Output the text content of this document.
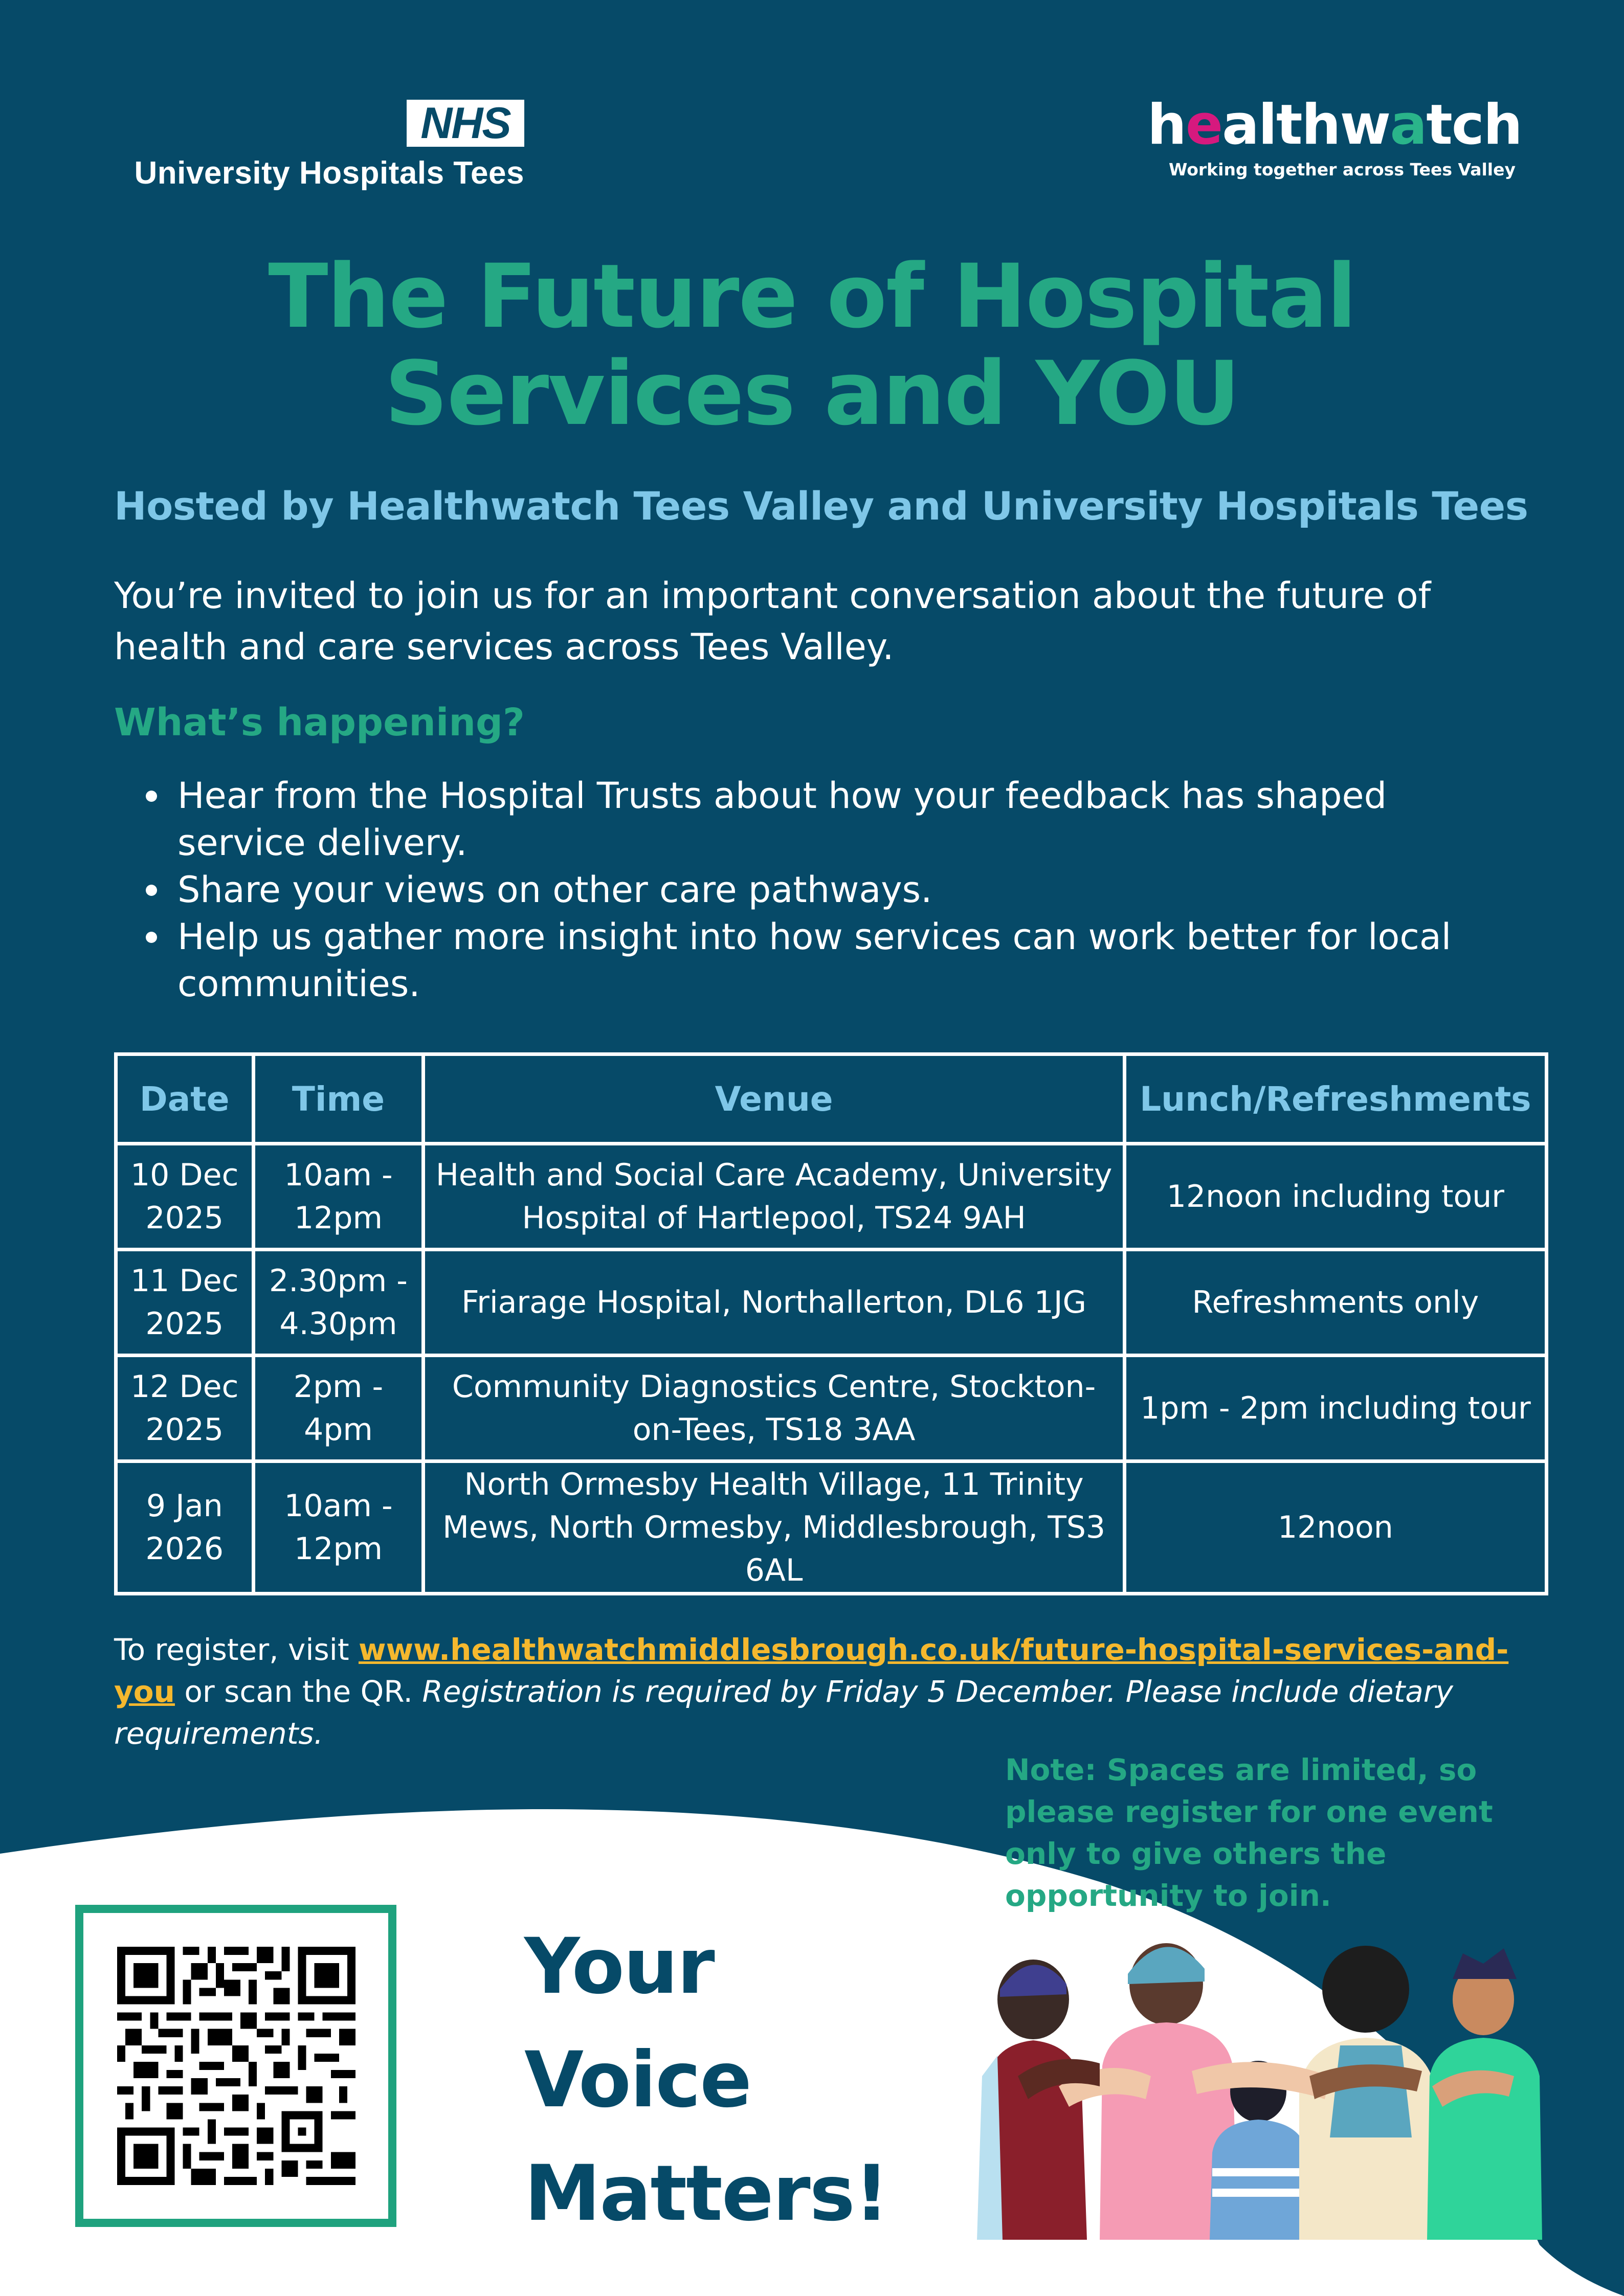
NHS
University Hospitals Tees
healthwatch
Working together across Tees Valley
The Future of Hospital
Services and YOU
Hosted by Healthwatch Tees Valley and University Hospitals Tees
You’re invited to join us for an important conversation about the future of health and care services across Tees Valley.
What’s happening?
Hear from the Hospital Trusts about how your feedback has shaped service delivery.
Share your views on other care pathways.
Help us gather more insight into how services can work better for local communities.
Date	Time	Venue	Lunch/Refreshments
10 Dec 2025	10am - 12pm	Health and Social Care Academy, University Hospital of Hartlepool, TS24 9AH	12noon including tour
11 Dec 2025	2.30pm - 4.30pm	Friarage Hospital, Northallerton, DL6 1JG	Refreshments only
12 Dec 2025	2pm - 4pm	Community Diagnostics Centre, Stockton-on-Tees, TS18 3AA	1pm - 2pm including tour
9 Jan 2026	10am - 12pm	North Ormesby Health Village, 11 Trinity Mews, North Ormesby, Middlesbrough, TS3 6AL	12noon
To register, visit www.healthwatchmiddlesbrough.co.uk/future-hospital-services-and-you or scan the QR. Registration is required by Friday 5 December. Please include dietary requirements.
Note: Spaces are limited, so please register for one event only to give others the opportunity to join.
Your
Voice
Matters!
